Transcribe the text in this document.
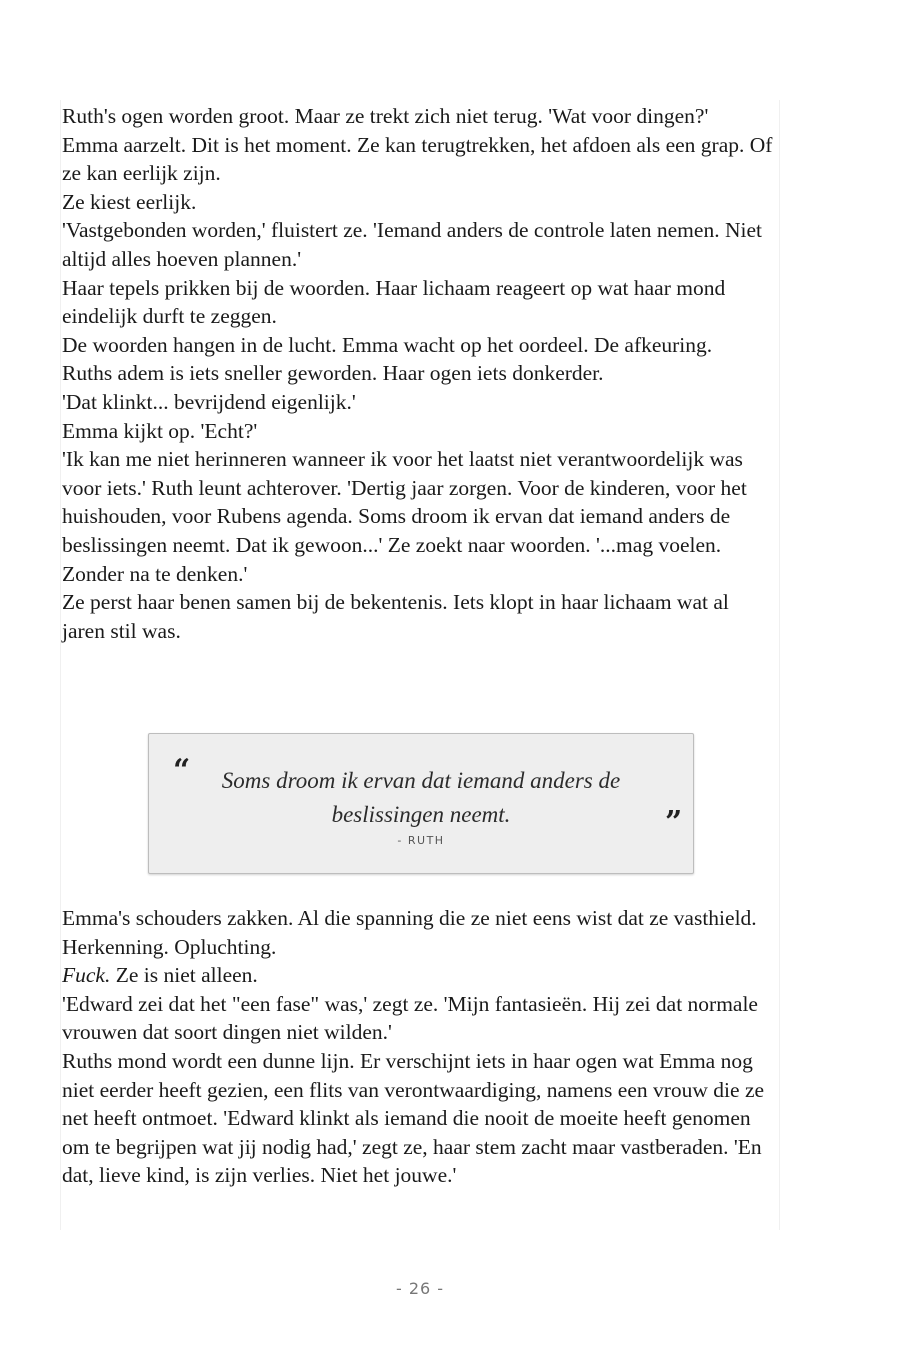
Ruth's ogen worden groot. Maar ze trekt zich niet terug. 'Wat voor dingen?'

Emma aarzelt. Dit is het moment. Ze kan terugtrekken, het afdoen als een grap. Of ze kan eerlijk zijn.

Ze kiest eerlijk.

'Vastgebonden worden,' fluistert ze. 'Iemand anders de controle laten nemen. Niet altijd alles hoeven plannen.'

Haar tepels prikken bij de woorden. Haar lichaam reageert op wat haar mond eindelijk durft te zeggen.

De woorden hangen in de lucht. Emma wacht op het oordeel. De afkeuring.

Ruths adem is iets sneller geworden. Haar ogen iets donkerder.

'Dat klinkt... bevrijdend eigenlijk.'

Emma kijkt op. 'Echt?'

'Ik kan me niet herinneren wanneer ik voor het laatst niet verantwoordelijk was voor iets.' Ruth leunt achterover. 'Dertig jaar zorgen. Voor de kinderen, voor het huishouden, voor Rubens agenda. Soms droom ik ervan dat iemand anders de beslissingen neemt. Dat ik gewoon...' Ze zoekt naar woorden. '...mag voelen. Zonder na te denken.'

Ze perst haar benen samen bij de bekentenis. Iets klopt in haar lichaam wat al jaren stil was.

“	Soms droom ik ervan dat iemand anders de beslissingen neemt.	”
- RUTH

Emma's schouders zakken. Al die spanning die ze niet eens wist dat ze vasthield. Herkenning. Opluchting.

Fuck. Ze is niet alleen.

'Edward zei dat het "een fase" was,' zegt ze. 'Mijn fantasieën. Hij zei dat normale vrouwen dat soort dingen niet wilden.'

Ruths mond wordt een dunne lijn. Er verschijnt iets in haar ogen wat Emma nog niet eerder heeft gezien, een flits van verontwaardiging, namens een vrouw die ze net heeft ontmoet. 'Edward klinkt als iemand die nooit de moeite heeft genomen om te begrijpen wat jij nodig had,' zegt ze, haar stem zacht maar vastberaden. 'En dat, lieve kind, is zijn verlies. Niet het jouwe.'

- 26 -
